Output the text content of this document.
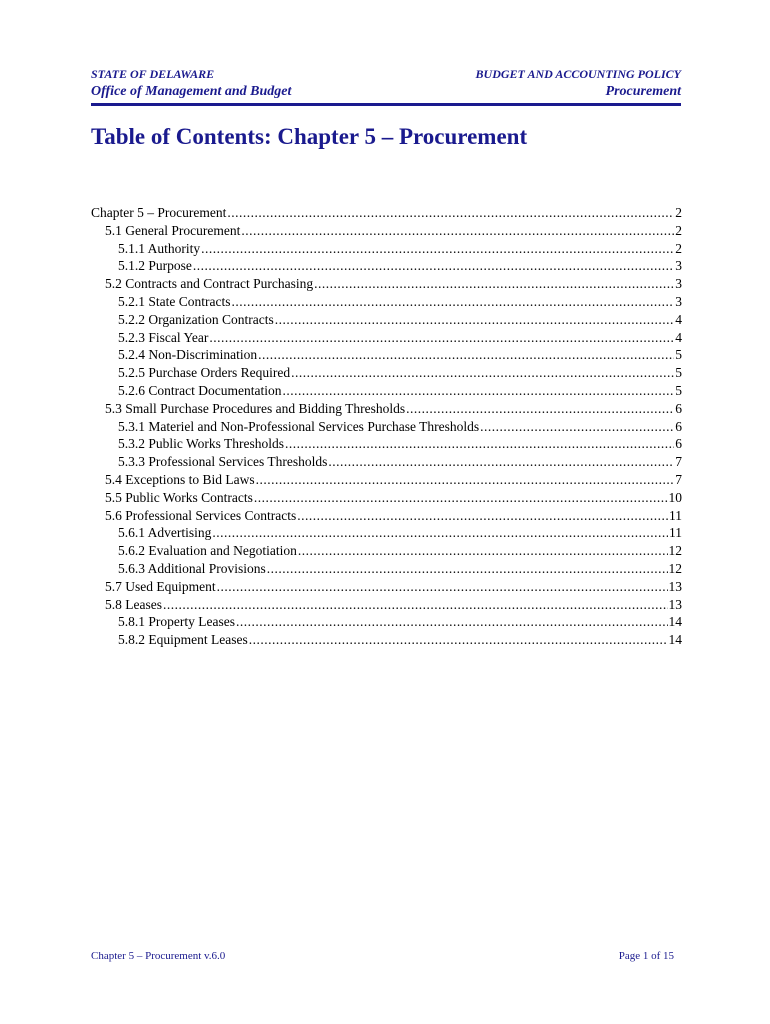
STATE OF DELAWARE
Office of Management and Budget
BUDGET AND ACCOUNTING POLICY
Procurement
Table of Contents: Chapter 5 – Procurement
Chapter 5 – Procurement .....	2
5.1 General Procurement .....	2
5.1.1 Authority .....	2
5.1.2 Purpose .....	3
5.2 Contracts and Contract Purchasing .....	3
5.2.1 State Contracts .....	3
5.2.2 Organization Contracts .....	4
5.2.3 Fiscal Year .....	4
5.2.4 Non-Discrimination .....	5
5.2.5 Purchase Orders Required .....	5
5.2.6 Contract Documentation .....	5
5.3 Small Purchase Procedures and Bidding Thresholds .....	6
5.3.1 Materiel and Non-Professional Services Purchase Thresholds .....	6
5.3.2 Public Works Thresholds .....	6
5.3.3 Professional Services Thresholds .....	7
5.4 Exceptions to Bid Laws .....	7
5.5 Public Works Contracts .....	10
5.6 Professional Services Contracts .....	11
5.6.1 Advertising .....	11
5.6.2 Evaluation and Negotiation .....	12
5.6.3 Additional Provisions .....	12
5.7 Used Equipment .....	13
5.8 Leases .....	13
5.8.1 Property Leases .....	14
5.8.2 Equipment Leases .....	14
Chapter 5 – Procurement v.6.0	Page 1 of 15
